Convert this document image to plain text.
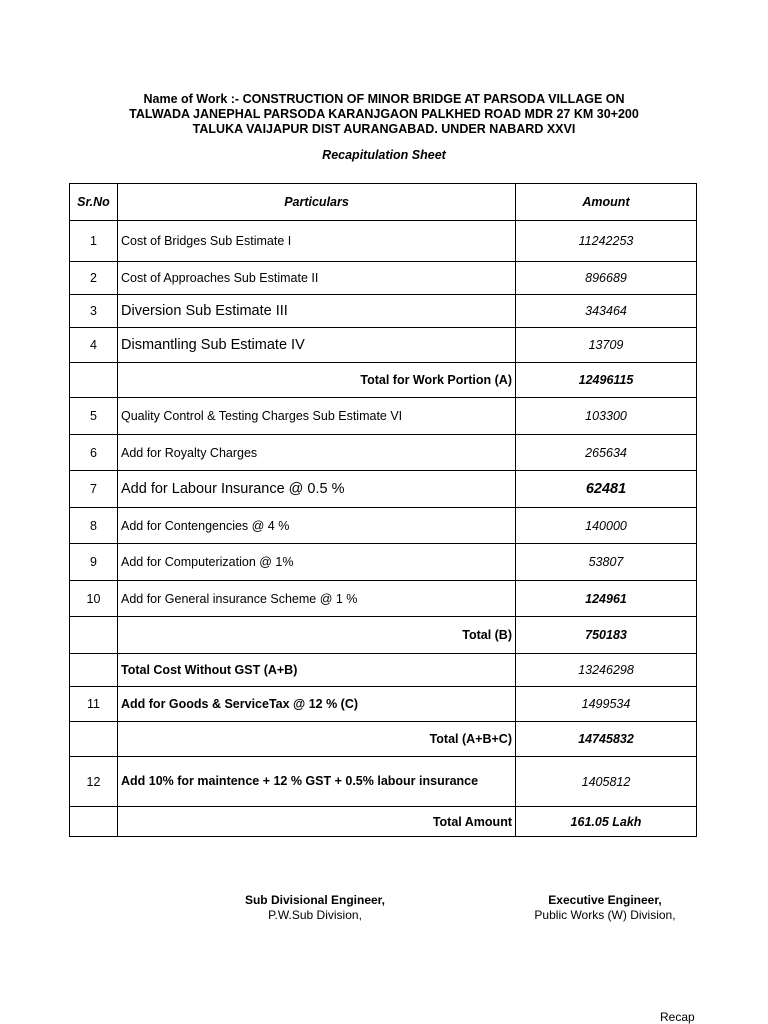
Name of Work :- CONSTRUCTION OF MINOR BRIDGE AT PARSODA VILLAGE ON
TALWADA JANEPHAL PARSODA KARANJGAON PALKHED ROAD MDR 27 KM 30+200
TALUKA VAIJAPUR DIST AURANGABAD. UNDER NABARD XXVI
Recapitulation Sheet
Sr.No	Particulars	Amount
1	Cost of Bridges Sub Estimate I	11242253
2	Cost of Approaches Sub Estimate II	896689
3	Diversion Sub Estimate III	343464
4	Dismantling Sub Estimate IV	13709
	Total for Work Portion (A)	12496115
5	Quality Control & Testing Charges Sub Estimate VI	103300
6	Add for Royalty Charges	265634
7	Add for Labour Insurance @ 0.5 %	62481
8	Add for Contengencies @ 4 %	140000
9	Add for Computerization @ 1%	53807
10	Add for General insurance Scheme @ 1 %	124961
	Total (B)	750183
	Total Cost Without GST (A+B)	13246298
11	Add for Goods & ServiceTax @ 12 % (C)	1499534
	Total (A+B+C)	14745832
12	Add 10% for maintence + 12 % GST + 0.5% labour insurance	1405812
	Total Amount	161.05 Lakh
Sub Divisional Engineer,
P.W.Sub Division,
Executive Engineer,
Public Works (W) Division,
Recap
